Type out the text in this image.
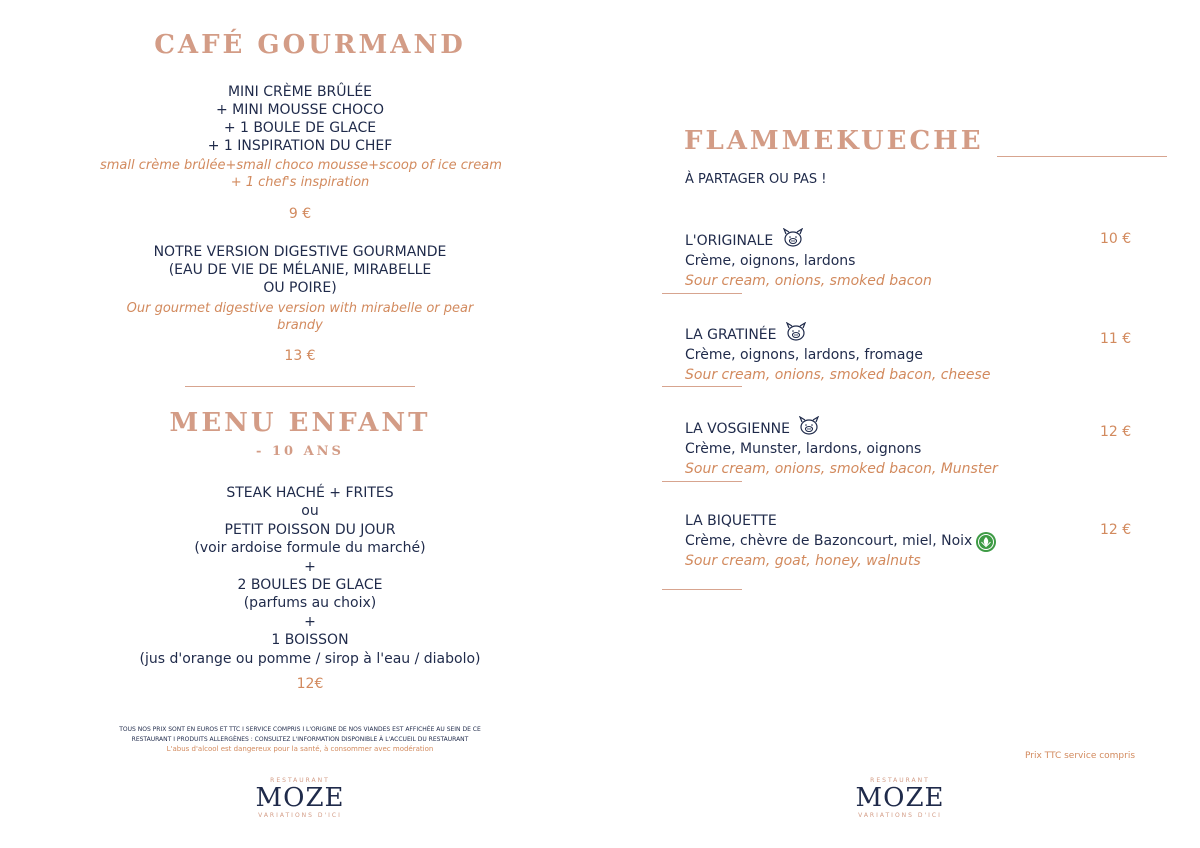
CAFÉ GOURMAND
MINI CRÈME BRÛLÉE
+ MINI MOUSSE CHOCO
+ 1 BOULE DE GLACE
+ 1 INSPIRATION DU CHEF
small crème brûlée+small choco mousse+scoop of ice cream
+ 1 chef's inspiration
9 €
NOTRE VERSION DIGESTIVE GOURMANDE
(EAU DE VIE DE MÉLANIE, MIRABELLE
OU POIRE)
Our gourmet digestive version with mirabelle or pear
brandy
13 €
MENU ENFANT
- 10 ANS
STEAK HACHÉ + FRITES
ou
PETIT POISSON DU JOUR
(voir ardoise formule du marché)
+
2 BOULES DE GLACE
(parfums au choix)
+
1 BOISSON
(jus d'orange ou pomme / sirop à l'eau / diabolo)
12€
TOUS NOS PRIX SONT EN EUROS ET TTC I SERVICE COMPRIS I L'ORIGINE DE NOS VIANDES EST AFFICHÉE AU SEIN DE CE
RESTAURANT I PRODUITS ALLERGÈNES : CONSULTEZ L'INFORMATION DISPONIBLE À L'ACCUEIL DU RESTAURANT
L'abus d'alcool est dangereux pour la santé, à consommer avec modération
RESTAURANT
MOZE
VARIATIONS D'ICI
FLAMMEKUECHE
À PARTAGER OU PAS !
L'ORIGINALE
Crème, oignons, lardons
Sour cream, onions, smoked bacon
10 €
LA GRATINÉE
Crème, oignons, lardons, fromage
Sour cream, onions, smoked bacon, cheese
11 €
LA VOSGIENNE
Crème, Munster, lardons, oignons
Sour cream, onions, smoked bacon, Munster
12 €
LA BIQUETTE
Crème, chèvre de Bazoncourt, miel, Noix
Sour cream, goat, honey, walnuts
12 €
Prix TTC service compris
RESTAURANT
MOZE
VARIATIONS D'ICI
